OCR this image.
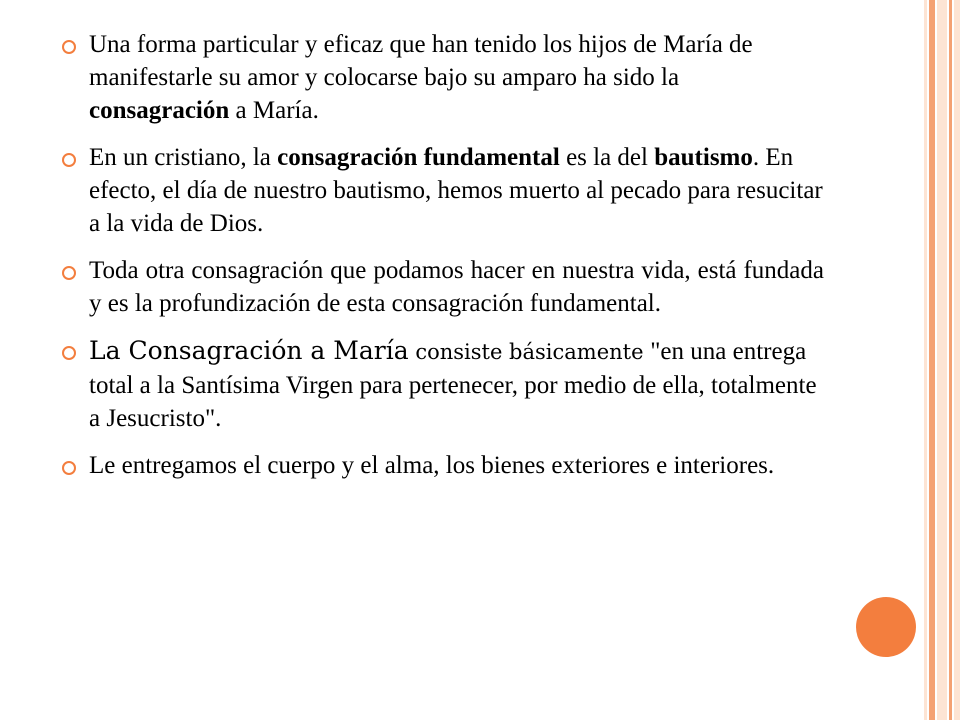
Una forma particular y eficaz que han tenido los hijos de María de manifestarle su amor y colocarse bajo su amparo ha sido la consagración a María.
En un cristiano, la consagración fundamental es la del bautismo. En efecto, el día de nuestro bautismo, hemos muerto al pecado para resucitar a la vida de Dios.
Toda otra consagración que podamos hacer en nuestra vida, está fundada y es la profundización de esta consagración fundamental.
La Consagración a María consiste básicamente "en una entrega total a la Santísima Virgen para pertenecer, por medio de ella, totalmente a Jesucristo".
Le entregamos el cuerpo y el alma, los bienes exteriores e interiores.
